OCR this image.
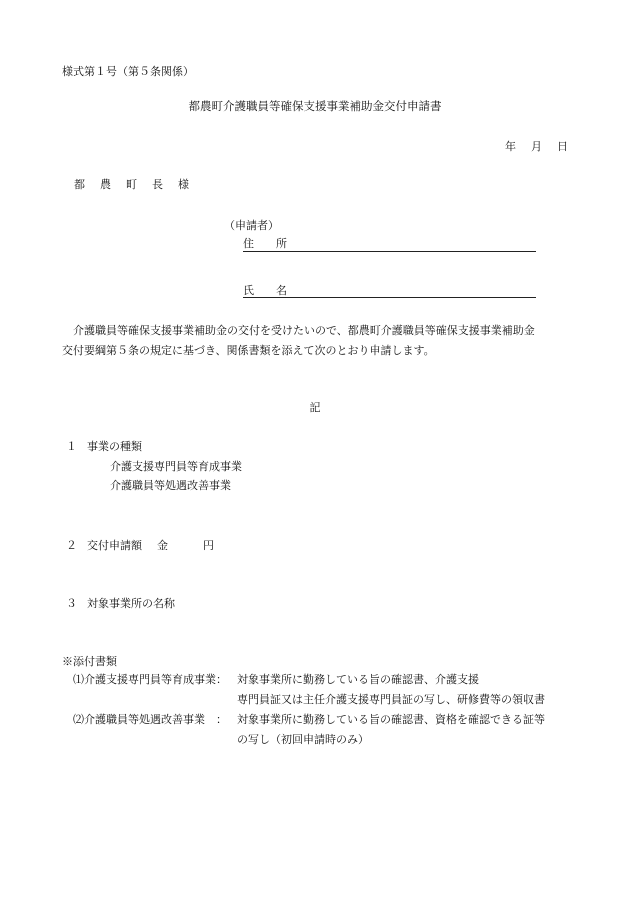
様式第１号（第５条関係）
都農町介護職員等確保支援事業補助金交付申請書
年　月　日
都　農　町　長　様
（申請者）
住　　所
氏　　名
　介護職員等確保支援事業補助金の交付を受けたいので、都農町介護職員等確保支援事業補助金
交付要綱第５条の規定に基づき、関係書類を添えて次のとおり申請します。
記
１ 事業の種類
介護支援専門員等育成事業
介護職員等処遇改善事業
２ 交付申請額 金	円
３ 対象事業所の名称
※添付書類
⑴介護支援専門員等育成事業： 対象事業所に勤務している旨の確認書、介護支援
専門員証又は主任介護支援専門員証の写し、研修費等の領収書
⑵介護職員等処遇改善事業　： 対象事業所に勤務している旨の確認書、資格を確認できる証等
の写し（初回申請時のみ）
